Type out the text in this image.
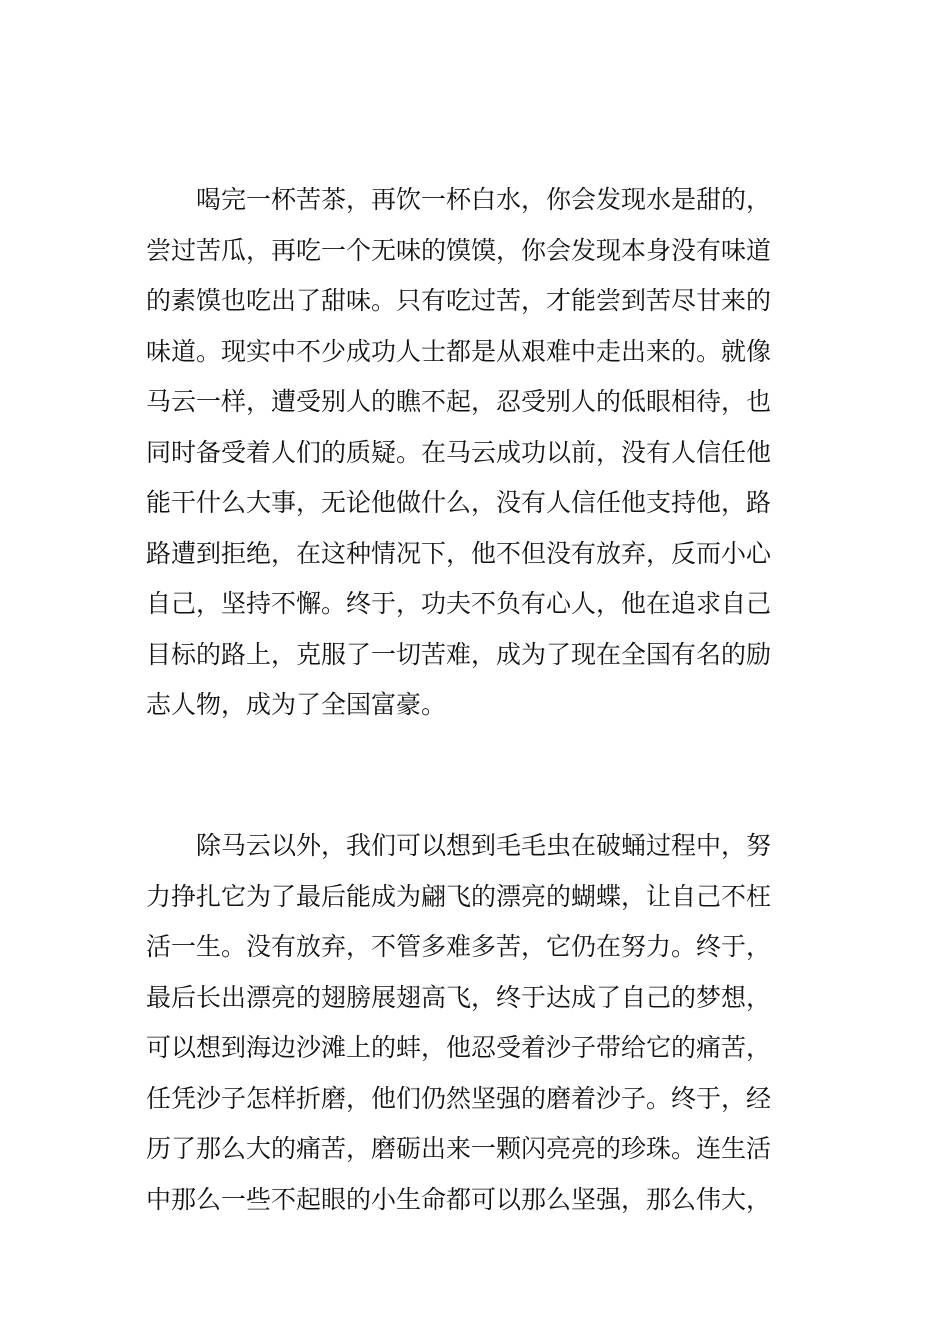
喝完一杯苦茶，再饮一杯白水，你会发现水是甜的，
尝过苦瓜，再吃一个无味的馍馍，你会发现本身没有味道
的素馍也吃出了甜味。只有吃过苦，才能尝到苦尽甘来的
味道。现实中不少成功人士都是从艰难中走出来的。就像
马云一样，遭受别人的瞧不起，忍受别人的低眼相待，也
同时备受着人们的质疑。在马云成功以前，没有人信任他
能干什么大事，无论他做什么，没有人信任他支持他，路
路遭到拒绝，在这种情况下，他不但没有放弃，反而小心
自己，坚持不懈。终于，功夫不负有心人，他在追求自己
目标的路上，克服了一切苦难，成为了现在全国有名的励
志人物，成为了全国富豪。
除马云以外，我们可以想到毛毛虫在破蛹过程中，努
力挣扎它为了最后能成为翩飞的漂亮的蝴蝶，让自己不枉
活一生。没有放弃，不管多难多苦，它仍在努力。终于，
最后长出漂亮的翅膀展翅高飞，终于达成了自己的梦想，
可以想到海边沙滩上的蚌，他忍受着沙子带给它的痛苦，
任凭沙子怎样折磨，他们仍然坚强的磨着沙子。终于，经
历了那么大的痛苦，磨砺出来一颗闪亮亮的珍珠。连生活
中那么一些不起眼的小生命都可以那么坚强，那么伟大，
